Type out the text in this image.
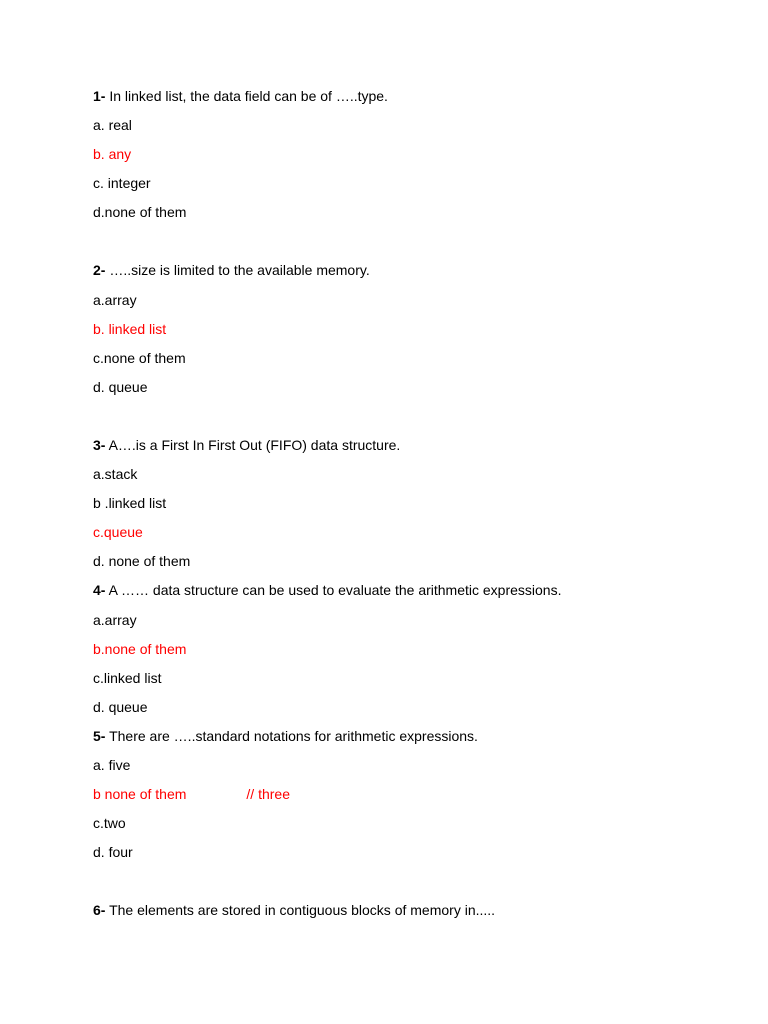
1- In linked list, the data field can be of …..type.
a. real
b. any
c. integer
d.none of them
2- …..size is limited to the available memory.
a.array
b. linked list
c.none of them
d. queue
3- A….is a First In First Out (FIFO) data structure.
a.stack
b .linked list
c.queue
d. none of them
4- A …… data structure can be used to evaluate the arithmetic expressions.
a.array
b.none of them
c.linked list
d. queue
5- There are …..standard notations for arithmetic expressions.
a. five
b none of them	// three
c.two
d. four
6- The elements are stored in contiguous blocks of memory in.....
